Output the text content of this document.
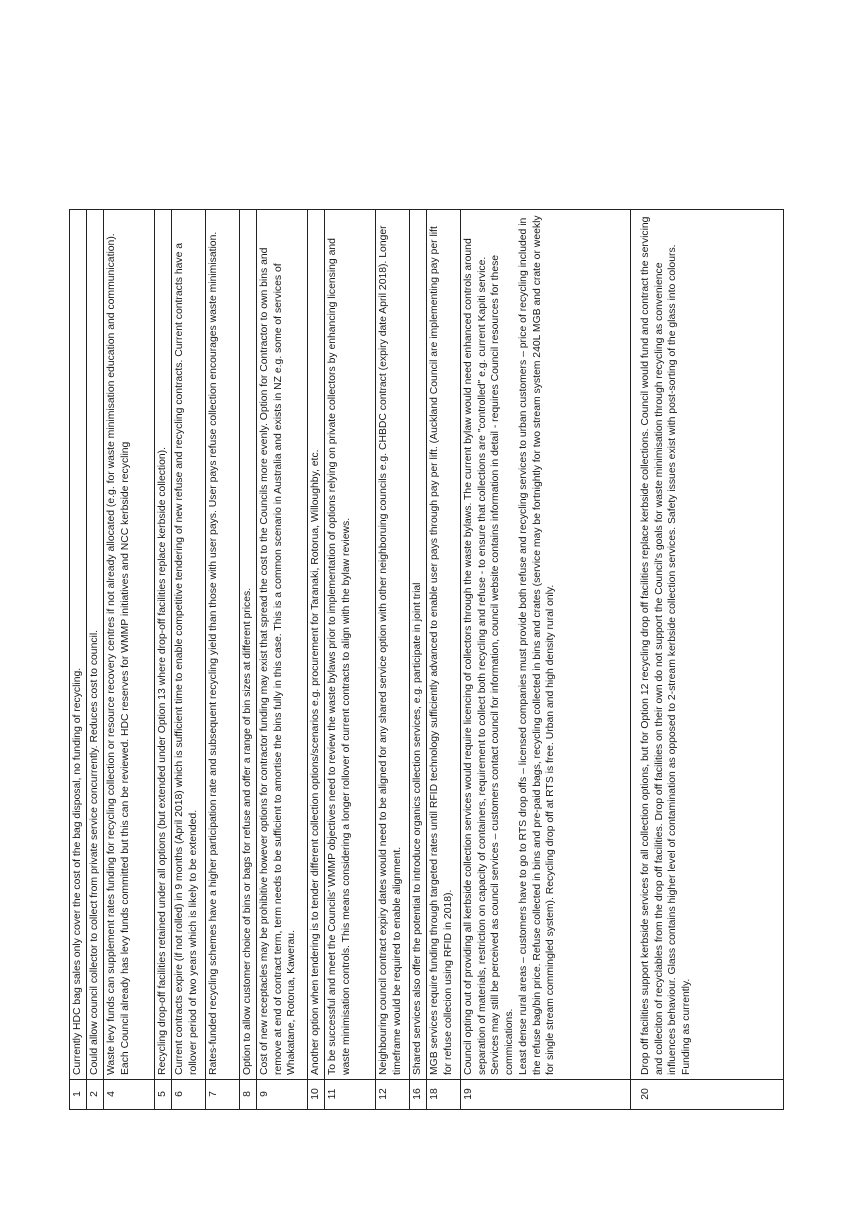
1	Currently HDC bag sales only cover the cost of the bag disposal, no funding of recycling.

2	Could allow council collector to collect from private service concurrently. Reduces cost to council.

4	Waste levy funds can supplement rates funding for recycling collection or resource recovery centres if not already allocated (e.g. for waste minimisation education and communication). Each Council already has levy funds committed but this can be reviewed. HDC reserves for WMMP initiatives and NCC kerbside recycling

5	Recycling drop-off facilities retained under all options (but extended under Option 13 where drop-off facilities replace kerbside collection).

6	Current contracts expire (if not rolled) in 9 months (April 2018) which is sufficient time to enable competitive tendering of new refuse and recycling contracts. Current contracts have a rollover period of two years which is likely to be extended.

7	Rates-funded recycling schemes have a higher participation rate and subsequent recycling yield than those with user pays. User pays refuse collection encourages waste minimisation.

8	Option to allow customer choice of bins or bags for refuse and offer a range of bin sizes at different prices.

9	Cost of new receptacles may be prohibitive however options for contractor funding may exist that spread the cost to the Councils more evenly. Option for Contractor to own bins and remove at end of contract term, term needs to be sufficient to amortise the bins fully in this case. This is a common scenario in Australia and exists in NZ e.g. some of services of Whakatane, Rotorua, Kawerau.

10	Another option when tendering is to tender different collection options/scenarios e.g. procurement for Taranaki, Rotorua, Willoughby, etc.

11	To be successful and meet the Councils' WMMP objectives need to review the waste bylaws prior to implementation of options relying on private collectors by enhancing licensing and waste minimisation controls. This means considering a longer rollover of current contracts to align with the bylaw reviews.

12	Neighbouring council contract expiry dates would need to be aligned for any shared service option with other neighboruing councils e.g. CHBDC contract (expiry date April 2018). Longer timeframe would be required to enable alignment.

16	Shared services also offer the potential to introduce organics collection services, e.g. participate in joint trial

18	MGB services require funding through targeted rates until RFID technology sufficiently advanced to enable user pays through pay per lift. (Auckland Council are implementing pay per lift for refuse collecion using RFID in 2018).

19	Council opting out of providing all kerbside collection services would require licencing of collectors through the waste bylaws. The current bylaw would need enhanced controls around separation of materials, restriction on capacity of containers, requirement to collect both recycling and refuse - to ensure that collections are "controlled" e.g. current Kapiti service. Services may still be perceived as council services – customers contact council for information, council website contains information in detail - requires Council resources for these commications. Least dense rural areas – customers have to go to RTS drop offs – licensed companies must provide both refuse and recycling services to urban customers – price of recycling included in the refuse bag/bin price. Refuse collected in bins and pre-paid bags, recycling collected in bins and crates (service may be fortnightly for two stream system 240L MGB and crate or weekly for single stream commingled system). Recycling drop off at RTS is free. Urban and high density rural only.

20	Drop off facilities support kerbside services for all collection options, but for Option 12 recycling drop off facilities replace kerbside collections. Council would fund and contract the servicing and colleciton of recyclables from the drop off facilities. Drop off facilities on their own do not support the Council's goals for waste minimisation through recycling as convenience influences behaviour. Glass contains higher level of contamination as opposed to 2-stream kerbside collection services. Safety issues exist with post-sorting of the glass into colours. Funding as currently.
